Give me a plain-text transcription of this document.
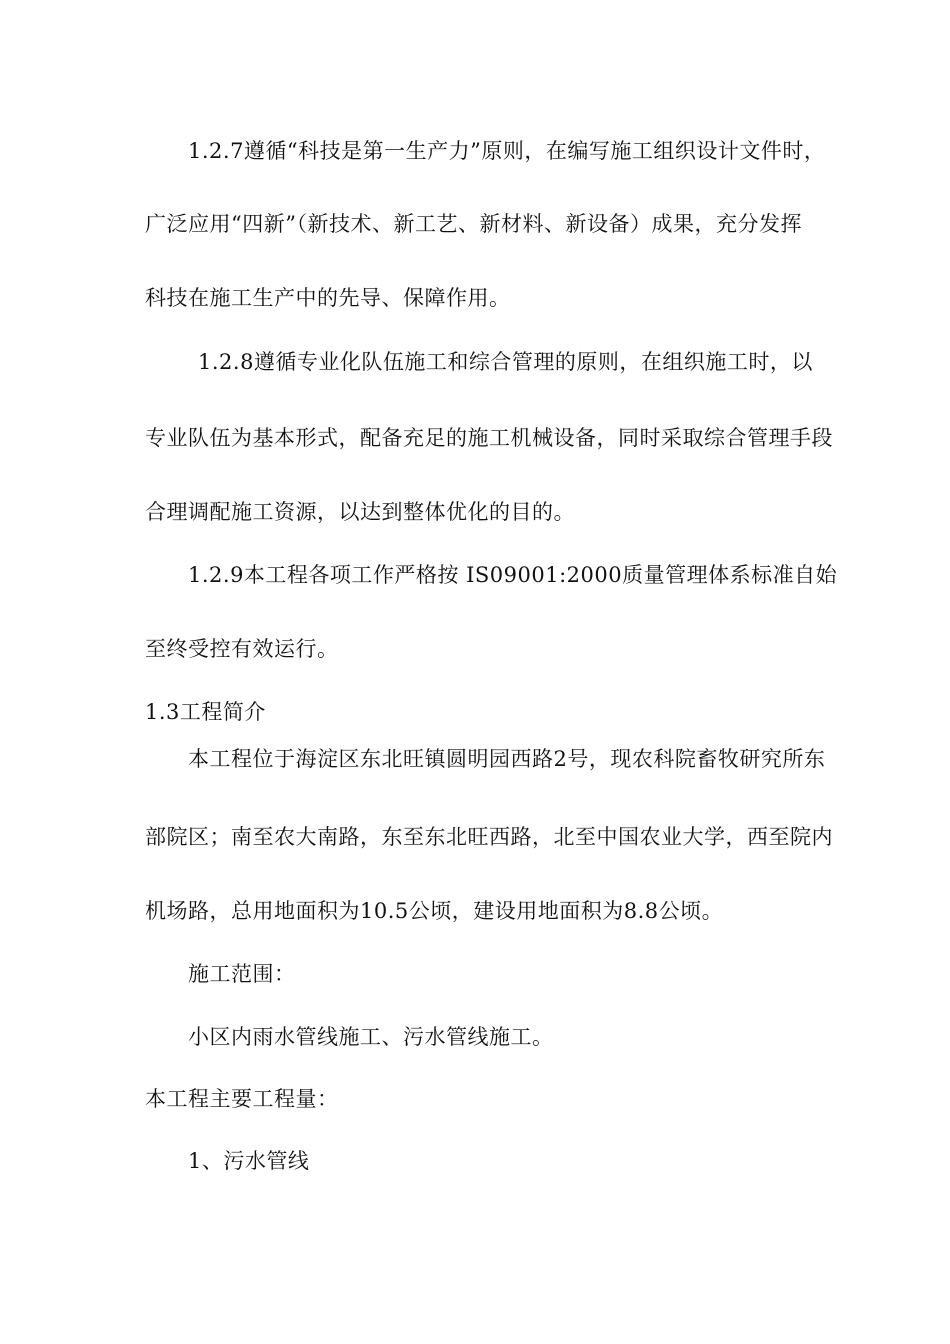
1.2.7遵循“科技是第一生产力”原则，在编写施工组织设计文件时，
广泛应用“四新”（新技术、新工艺、新材料、新设备）成果，充分发挥
科技在施工生产中的先导、保障作用。
1.2.8遵循专业化队伍施工和综合管理的原则，在组织施工时，以
专业队伍为基本形式，配备充足的施工机械设备，同时采取综合管理手段
合理调配施工资源，以达到整体优化的目的。
1.2.9本工程各项工作严格按 IS09001:2000质量管理体系标准自始
至终受控有效运行。
1.3工程简介
本工程位于海淀区东北旺镇圆明园西路2号，现农科院畜牧研究所东
部院区；南至农大南路，东至东北旺西路，北至中国农业大学，西至院内
机场路，总用地面积为10.5公顷，建设用地面积为8.8公顷。
施工范围：
小区内雨水管线施工、污水管线施工。
本工程主要工程量：
1、污水管线
